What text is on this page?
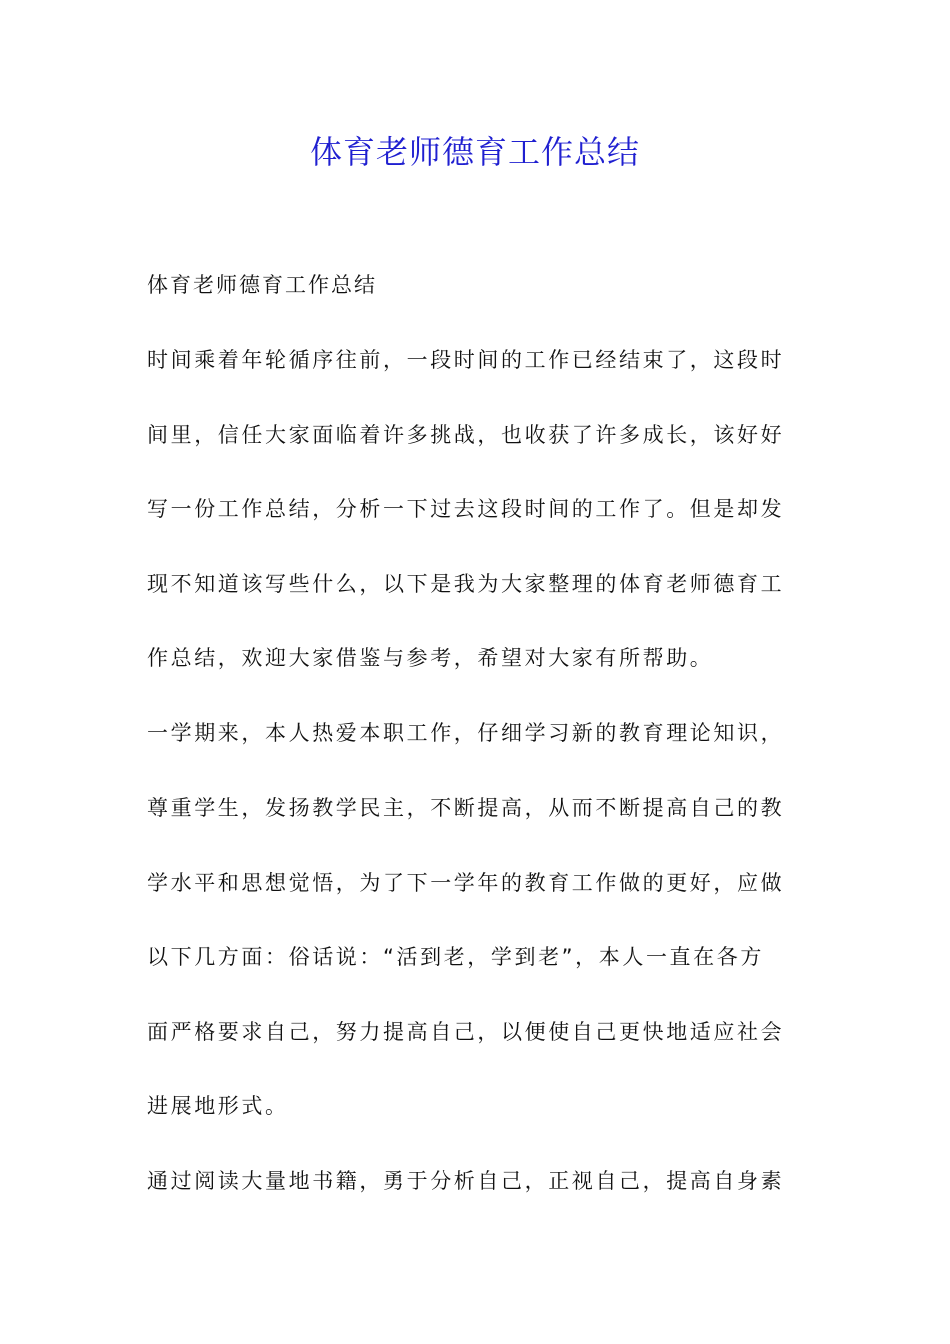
体育老师德育工作总结
体育老师德育工作总结
时间乘着年轮循序往前，一段时间的工作已经结束了，这段时
间里，信任大家面临着许多挑战，也收获了许多成长，该好好
写一份工作总结，分析一下过去这段时间的工作了。但是却发
现不知道该写些什么，以下是我为大家整理的体育老师德育工
作总结，欢迎大家借鉴与参考，希望对大家有所帮助。
一学期来，本人热爱本职工作，仔细学习新的教育理论知识，
尊重学生，发扬教学民主，不断提高，从而不断提高自己的教
学水平和思想觉悟，为了下一学年的教育工作做的更好，应做
以下几方面：俗话说：“活到老，学到老”，本人一直在各方
面严格要求自己，努力提高自己，以便使自己更快地适应社会
进展地形式。
通过阅读大量地书籍，勇于分析自己，正视自己，提高自身素
